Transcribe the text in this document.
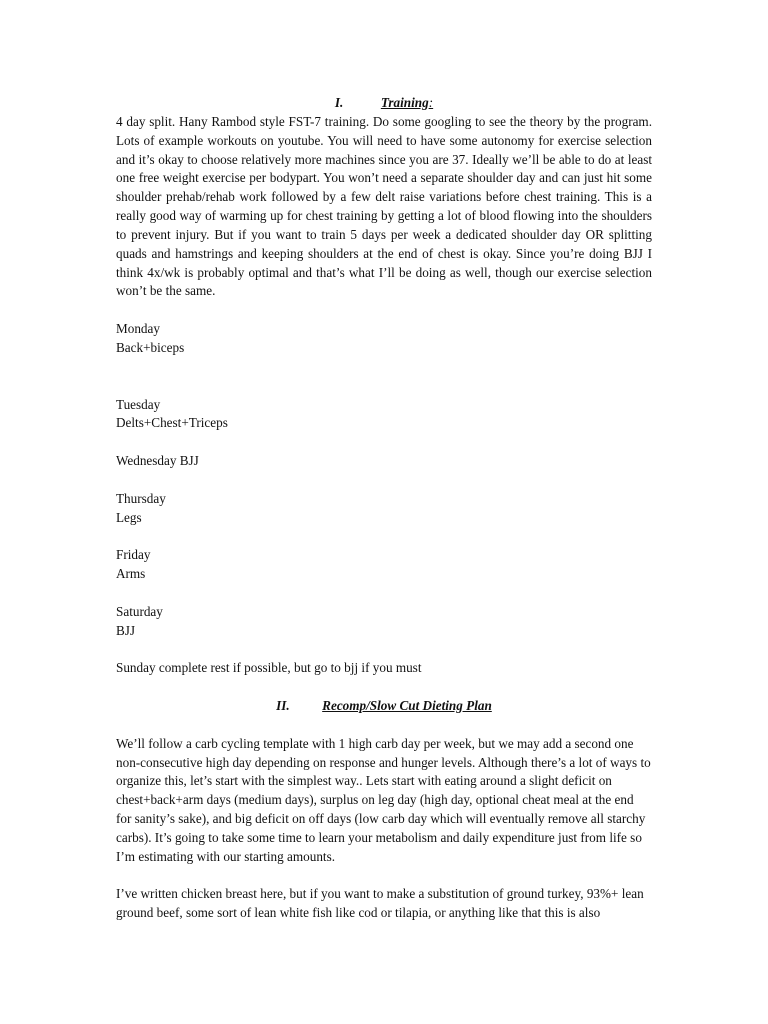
I.	Training:

4 day split. Hany Rambod style FST-7 training. Do some googling to see the theory by the program. Lots of example workouts on youtube. You will need to have some autonomy for exercise selection and it’s okay to choose relatively more machines since you are 37. Ideally we’ll be able to do at least one free weight exercise per bodypart. You won’t need a separate shoulder day and can just hit some shoulder prehab/rehab work followed by a few delt raise variations before chest training. This is a really good way of warming up for chest training by getting a lot of blood flowing into the shoulders to prevent injury. But if you want to train 5 days per week a dedicated shoulder day OR splitting quads and hamstrings and keeping shoulders at the end of chest is okay. Since you’re doing BJJ I think 4x/wk is probably optimal and that’s what I’ll be doing as well, though our exercise selection won’t be the same.

Monday

Back+biceps

Tuesday

Delts+Chest+Triceps

Wednesday BJJ

Thursday

Legs

Friday

Arms

Saturday

BJJ

Sunday complete rest if possible, but go to bjj if you must

II. Recomp/Slow Cut Dieting Plan

We’ll follow a carb cycling template with 1 high carb day per week, but we may add a second one non-consecutive high day depending on response and hunger levels. Although there’s a lot of ways to organize this, let’s start with the simplest way.. Lets start with eating around a slight deficit on chest+back+arm days (medium days), surplus on leg day (high day, optional cheat meal at the end for sanity’s sake), and big deficit on off days (low carb day which will eventually remove all starchy carbs). It’s going to take some time to learn your metabolism and daily expenditure just from life so I’m estimating with our starting amounts.

I’ve written chicken breast here, but if you want to make a substitution of ground turkey, 93%+ lean ground beef, some sort of lean white fish like cod or tilapia, or anything like that this is also
